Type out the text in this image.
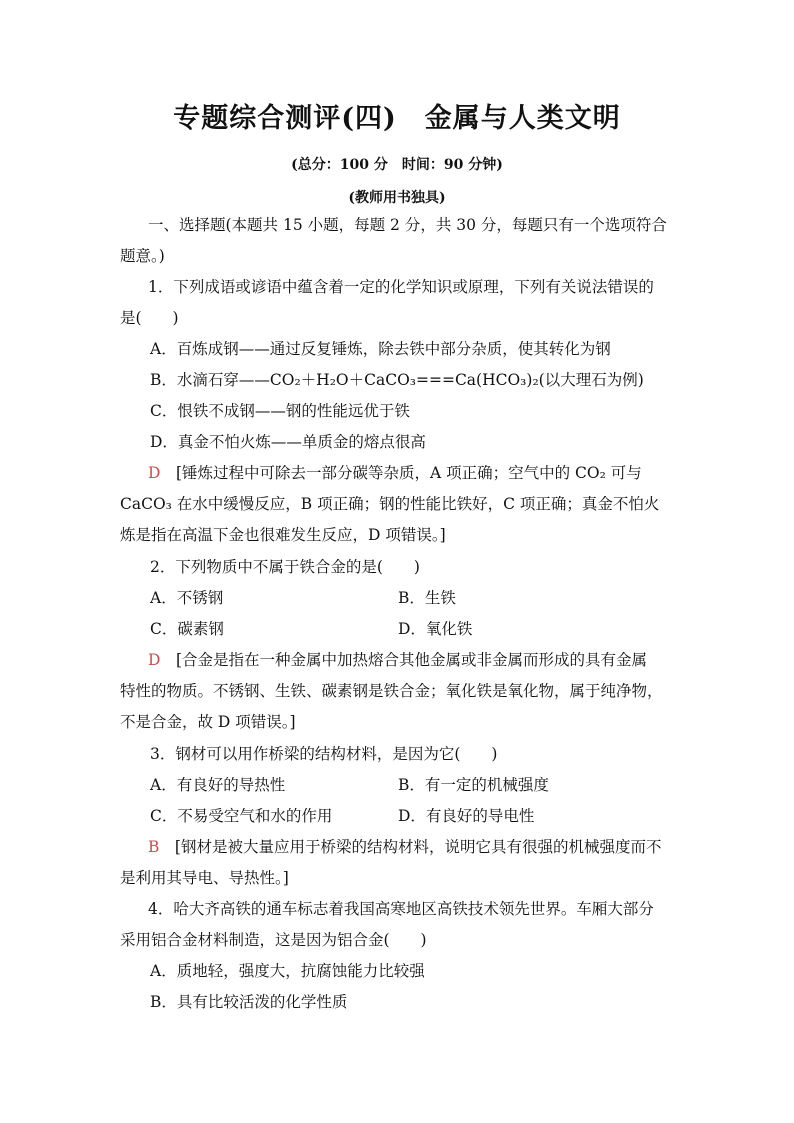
专题综合测评(四)　金属与人类文明
(总分：100 分　时间：90 分钟)
(教师用书独具)
一、选择题(本题共 15 小题，每题 2 分，共 30 分，每题只有一个选项符合
题意。)
1．下列成语或谚语中蕴含着一定的化学知识或原理，下列有关说法错误的
是(　　)
A．百炼成钢——通过反复锤炼，除去铁中部分杂质，使其转化为钢
B．水滴石穿——CO₂＋H₂O＋CaCO₃===Ca(HCO₃)₂(以大理石为例)
C．恨铁不成钢——钢的性能远优于铁
D．真金不怕火炼——单质金的熔点很高
D　 [锤炼过程中可除去一部分碳等杂质，A 项正确；空气中的 CO₂ 可与
CaCO₃ 在水中缓慢反应，B 项正确；钢的性能比铁好，C 项正确；真金不怕火
炼是指在高温下金也很难发生反应，D 项错误。]
2．下列物质中不属于铁合金的是(　　)
A．不锈钢	B．生铁
C．碳素钢	D．氧化铁
D　 [合金是指在一种金属中加热熔合其他金属或非金属而形成的具有金属
特性的物质。不锈钢、生铁、碳素钢是铁合金；氧化铁是氧化物，属于纯净物，
不是合金，故 D 项错误。]
3．钢材可以用作桥梁的结构材料，是因为它(　　)
A．有良好的导热性	B．有一定的机械强度
C．不易受空气和水的作用	D．有良好的导电性
B　 [钢材是被大量应用于桥梁的结构材料，说明它具有很强的机械强度而不
是利用其导电、导热性。]
4．哈大齐高铁的通车标志着我国高寒地区高铁技术领先世界。车厢大部分
采用铝合金材料制造，这是因为铝合金(　　)
A．质地轻，强度大，抗腐蚀能力比较强
B．具有比较活泼的化学性质
